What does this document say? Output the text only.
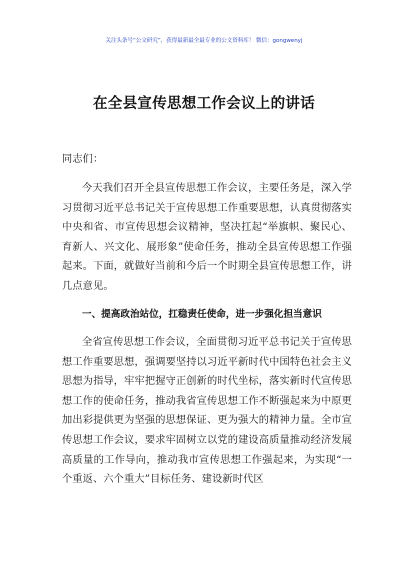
关注头条号“公文研究”，获得最新最全最专业的公文资料库！ 微信：gongwenyj
在全县宣传思想工作会议上的讲话
同志们：
今天我们召开全县宣传思想工作会议，主要任务是，深入学习贯彻习近平总书记关于宣传思想工作重要思想，认真贯彻落实中央和省、市宣传思想会议精神，坚决扛起“举旗帜、聚民心、育新人、兴文化、展形象”使命任务，推动全县宣传思想工作强起来。下面，就做好当前和今后一个时期全县宣传思想工作，讲几点意见。
一、提高政治站位，扛稳责任使命，进一步强化担当意识
全省宣传思想工作会议，全面贯彻习近平总书记关于宣传思想工作重要思想，强调要坚持以习近平新时代中国特色社会主义思想为指导，牢牢把握守正创新的时代坐标，落实新时代宣传思想工作的使命任务，推动我省宣传思想工作不断强起来为中原更加出彩提供更为坚强的思想保证、更为强大的精神力量。全市宣传思想工作会议，要求牢固树立以党的建设高质量推动经济发展高质量的工作导向，推动我市宣传思想工作强起来，为实现“一个重返、六个重大”目标任务、建设新时代区
